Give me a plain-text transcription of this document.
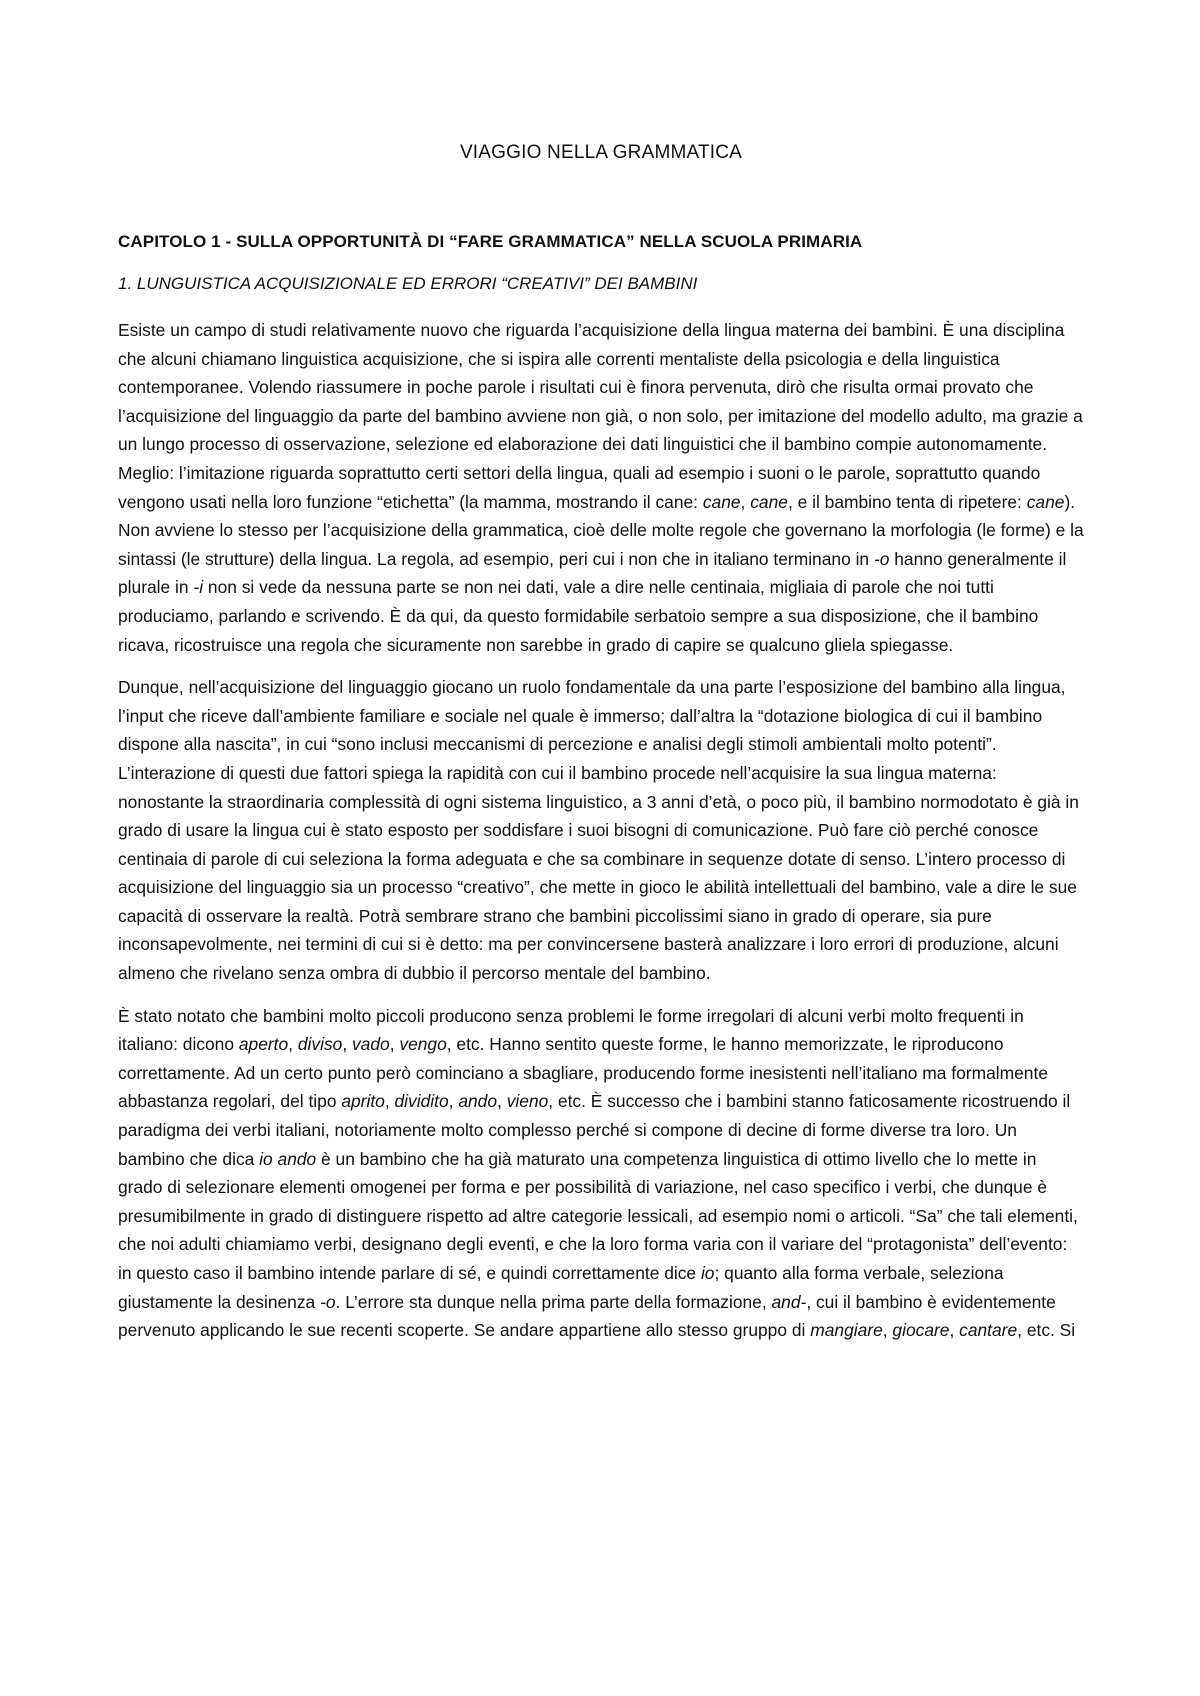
VIAGGIO NELLA GRAMMATICA
CAPITOLO 1 - SULLA OPPORTUNITÀ DI “FARE GRAMMATICA” NELLA SCUOLA PRIMARIA
1. LUNGUISTICA ACQUISIZIONALE ED ERRORI “CREATIVI” DEI BAMBINI

Esiste un campo di studi relativamente nuovo che riguarda l’acquisizione della lingua materna dei bambini. È una disciplina che alcuni chiamano linguistica acquisizione, che si ispira alle correnti mentaliste della psicologia e della linguistica contemporanee. Volendo riassumere in poche parole i risultati cui è finora pervenuta, dirò che risulta ormai provato che l’acquisizione del linguaggio da parte del bambino avviene non già, o non solo, per imitazione del modello adulto, ma grazie a un lungo processo di osservazione, selezione ed elaborazione dei dati linguistici che il bambino compie autonomamente. Meglio: l’imitazione riguarda soprattutto certi settori della lingua, quali ad esempio i suoni o le parole, soprattutto quando vengono usati nella loro funzione “etichetta” (la mamma, mostrando il cane: cane, cane, e il bambino tenta di ripetere: cane). Non avviene lo stesso per l’acquisizione della grammatica, cioè delle molte regole che governano la morfologia (le forme) e la sintassi (le strutture) della lingua. La regola, ad esempio, peri cui i non che in italiano terminano in -o hanno generalmente il plurale in -i non si vede da nessuna parte se non nei dati, vale a dire nelle centinaia, migliaia di parole che noi tutti produciamo, parlando e scrivendo. È da qui, da questo formidabile serbatoio sempre a sua disposizione, che il bambino ricava, ricostruisce una regola che sicuramente non sarebbe in grado di capire se qualcuno gliela spiegasse.

Dunque, nell’acquisizione del linguaggio giocano un ruolo fondamentale da una parte l’esposizione del bambino alla lingua, l’input che riceve dall’ambiente familiare e sociale nel quale è immerso; dall’altra la “dotazione biologica di cui il bambino dispone alla nascita”, in cui “sono inclusi meccanismi di percezione e analisi degli stimoli ambientali molto potenti”. L’interazione di questi due fattori spiega la rapidità con cui il bambino procede nell’acquisire la sua lingua materna: nonostante la straordinaria complessità di ogni sistema linguistico, a 3 anni d’età, o poco più, il bambino normodotato è già in grado di usare la lingua cui è stato esposto per soddisfare i suoi bisogni di comunicazione. Può fare ciò perché conosce centinaia di parole di cui seleziona la forma adeguata e che sa combinare in sequenze dotate di senso. L’intero processo di acquisizione del linguaggio sia un processo “creativo”, che mette in gioco le abilità intellettuali del bambino, vale a dire le sue capacità di osservare la realtà. Potrà sembrare strano che bambini piccolissimi siano in grado di operare, sia pure inconsapevolmente, nei termini di cui si è detto: ma per convincersene basterà analizzare i loro errori di produzione, alcuni almeno che rivelano senza ombra di dubbio il percorso mentale del bambino.

È stato notato che bambini molto piccoli producono senza problemi le forme irregolari di alcuni verbi molto frequenti in italiano: dicono aperto, diviso, vado, vengo, etc. Hanno sentito queste forme, le hanno memorizzate, le riproducono correttamente. Ad un certo punto però cominciano a sbagliare, producendo forme inesistenti nell’italiano ma formalmente abbastanza regolari, del tipo aprito, dividito, ando, vieno, etc. È successo che i bambini stanno faticosamente ricostruendo il paradigma dei verbi italiani, notoriamente molto complesso perché si compone di decine di forme diverse tra loro. Un bambino che dica io ando è un bambino che ha già maturato una competenza linguistica di ottimo livello che lo mette in grado di selezionare elementi omogenei per forma e per possibilità di variazione, nel caso specifico i verbi, che dunque è presumibilmente in grado di distinguere rispetto ad altre categorie lessicali, ad esempio nomi o articoli. “Sa” che tali elementi, che noi adulti chiamiamo verbi, designano degli eventi, e che la loro forma varia con il variare del “protagonista” dell’evento: in questo caso il bambino intende parlare di sé, e quindi correttamente dice io; quanto alla forma verbale, seleziona giustamente la desinenza -o. L’errore sta dunque nella prima parte della formazione, and-, cui il bambino è evidentemente pervenuto applicando le sue recenti scoperte. Se andare appartiene allo stesso gruppo di mangiare, giocare, cantare, etc. Si
